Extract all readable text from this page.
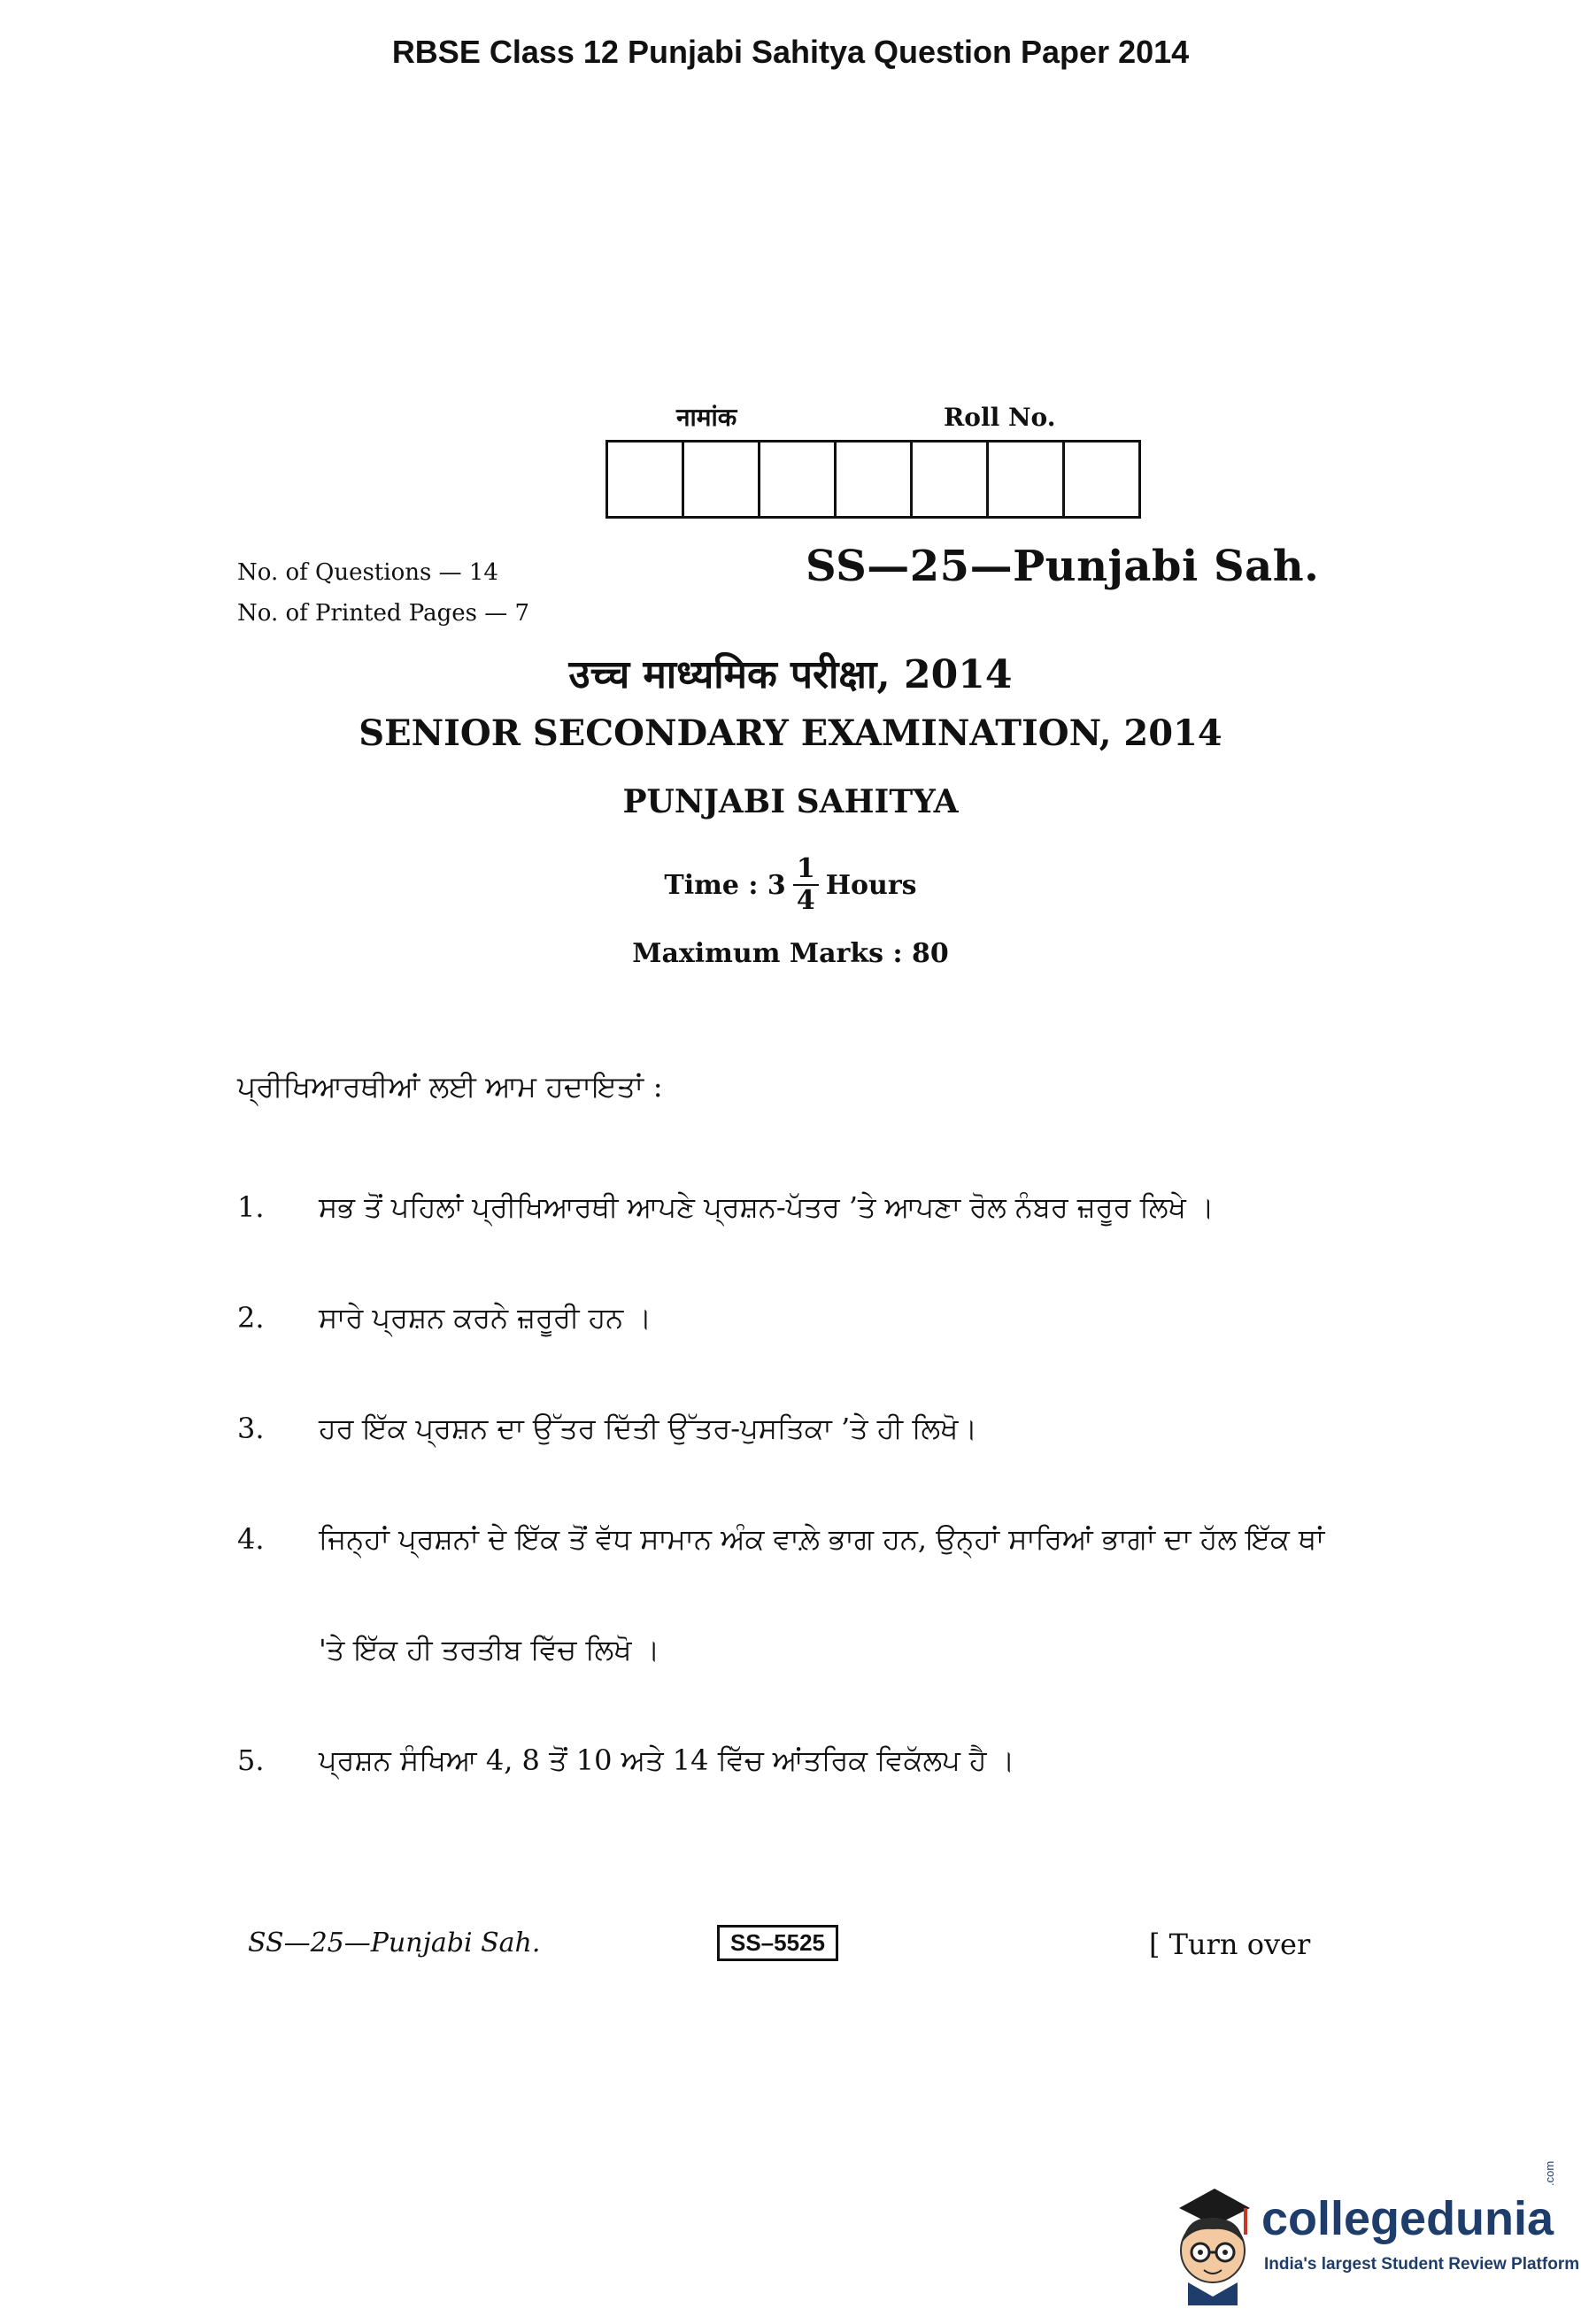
RBSE Class 12 Punjabi Sahitya Question Paper 2014
नामांक	Roll No.
No. of Questions — 14
No. of Printed Pages — 7
SS—25—Punjabi Sah.
उच्च माध्यमिक परीक्षा, 2014
SENIOR SECONDARY EXAMINATION, 2014
PUNJABI SAHITYA
Time : $3 \frac{1}{4}$ Hours
Maximum Marks : 80
ਪ੍ਰੀਖਿਆਰਥੀਆਂ ਲਈ ਆਮ ਹਦਾਇਤਾਂ :
1.	ਸਭ ਤੋਂ ਪਹਿਲਾਂ ਪ੍ਰੀਖਿਆਰਥੀ ਆਪਣੇ ਪ੍ਰਸ਼ਨ-ਪੱਤਰ ’ਤੇ ਆਪਣਾ ਰੋਲ ਨੰਬਰ ਜ਼ਰੂਰ ਲਿਖੇ ।
2.	ਸਾਰੇ ਪ੍ਰਸ਼ਨ ਕਰਨੇ ਜ਼ਰੂਰੀ ਹਨ ।
3.	ਹਰ ਇੱਕ ਪ੍ਰਸ਼ਨ ਦਾ ਉੱਤਰ ਦਿੱਤੀ ਉੱਤਰ-ਪੁਸਤਿਕਾ ’ਤੇ ਹੀ ਲਿਖੋ।
4.	ਜਿਨ੍ਹਾਂ ਪ੍ਰਸ਼ਨਾਂ ਦੇ ਇੱਕ ਤੋਂ ਵੱਧ ਸਾਮਾਨ ਅੰਕ ਵਾਲ਼ੇ ਭਾਗ ਹਨ, ਉਨ੍ਹਾਂ ਸਾਰਿਆਂ ਭਾਗਾਂ ਦਾ ਹੱਲ ਇੱਕ ਥਾਂ
'ਤੇ ਇੱਕ ਹੀ ਤਰਤੀਬ ਵਿੱਚ ਲਿਖੋ ।
5.	ਪ੍ਰਸ਼ਨ ਸੰਖਿਆ 4, 8 ਤੋਂ 10 ਅਤੇ 14 ਵਿੱਚ ਆਂਤਰਿਕ ਵਿਕੱਲਪ ਹੈ ।
SS—25—Punjabi Sah.	SS–5525	[ Turn over
collegedunia
.com
India's largest Student Review Platform
